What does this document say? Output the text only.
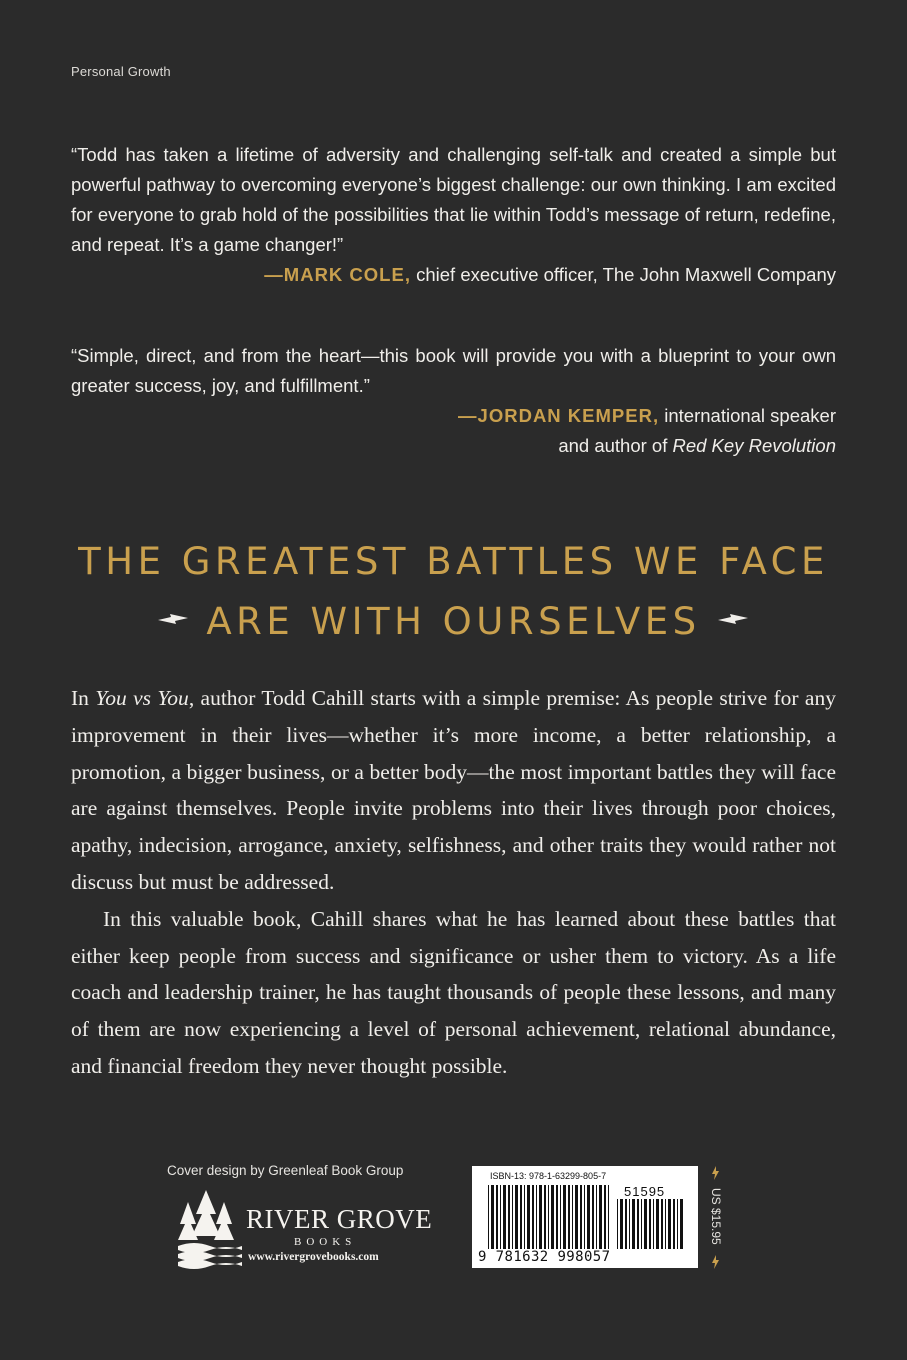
Personal Growth
“Todd has taken a lifetime of adversity and challenging self-talk and created a simple but powerful pathway to overcoming everyone’s biggest challenge: our own thinking. I am excited for everyone to grab hold of the possibilities that lie within Todd’s message of return, redefine, and repeat. It’s a game changer!”
—MARK COLE, chief executive officer, The John Maxwell Company
“Simple, direct, and from the heart—this book will provide you with a blueprint to your own greater success, joy, and fulfillment.”
—JORDAN KEMPER, international speaker
and author of Red Key Revolution
THE GREATEST BATTLES WE FACE
ARE WITH OURSELVES

In You vs You, author Todd Cahill starts with a simple premise: As people strive for any improvement in their lives—whether it’s more income, a better relationship, a promotion, a bigger business, or a better body—the most important battles they will face are against themselves. People invite problems into their lives through poor choices, apathy, indecision, arrogance, anxiety, selfishness, and other traits they would rather not discuss but must be addressed.

In this valuable book, Cahill shares what he has learned about these battles that either keep people from success and significance or usher them to victory. As a life coach and leadership trainer, he has taught thousands of people these lessons, and many of them are now experiencing a level of personal achievement, relational abundance, and financial freedom they never thought possible.

Cover design by Greenleaf Book Group
RIVER GROVE
BOOKS
www.rivergrovebooks.com
ISBN-13: 978-1-63299-805-7
51595
9 781632 998057
US $15.95
